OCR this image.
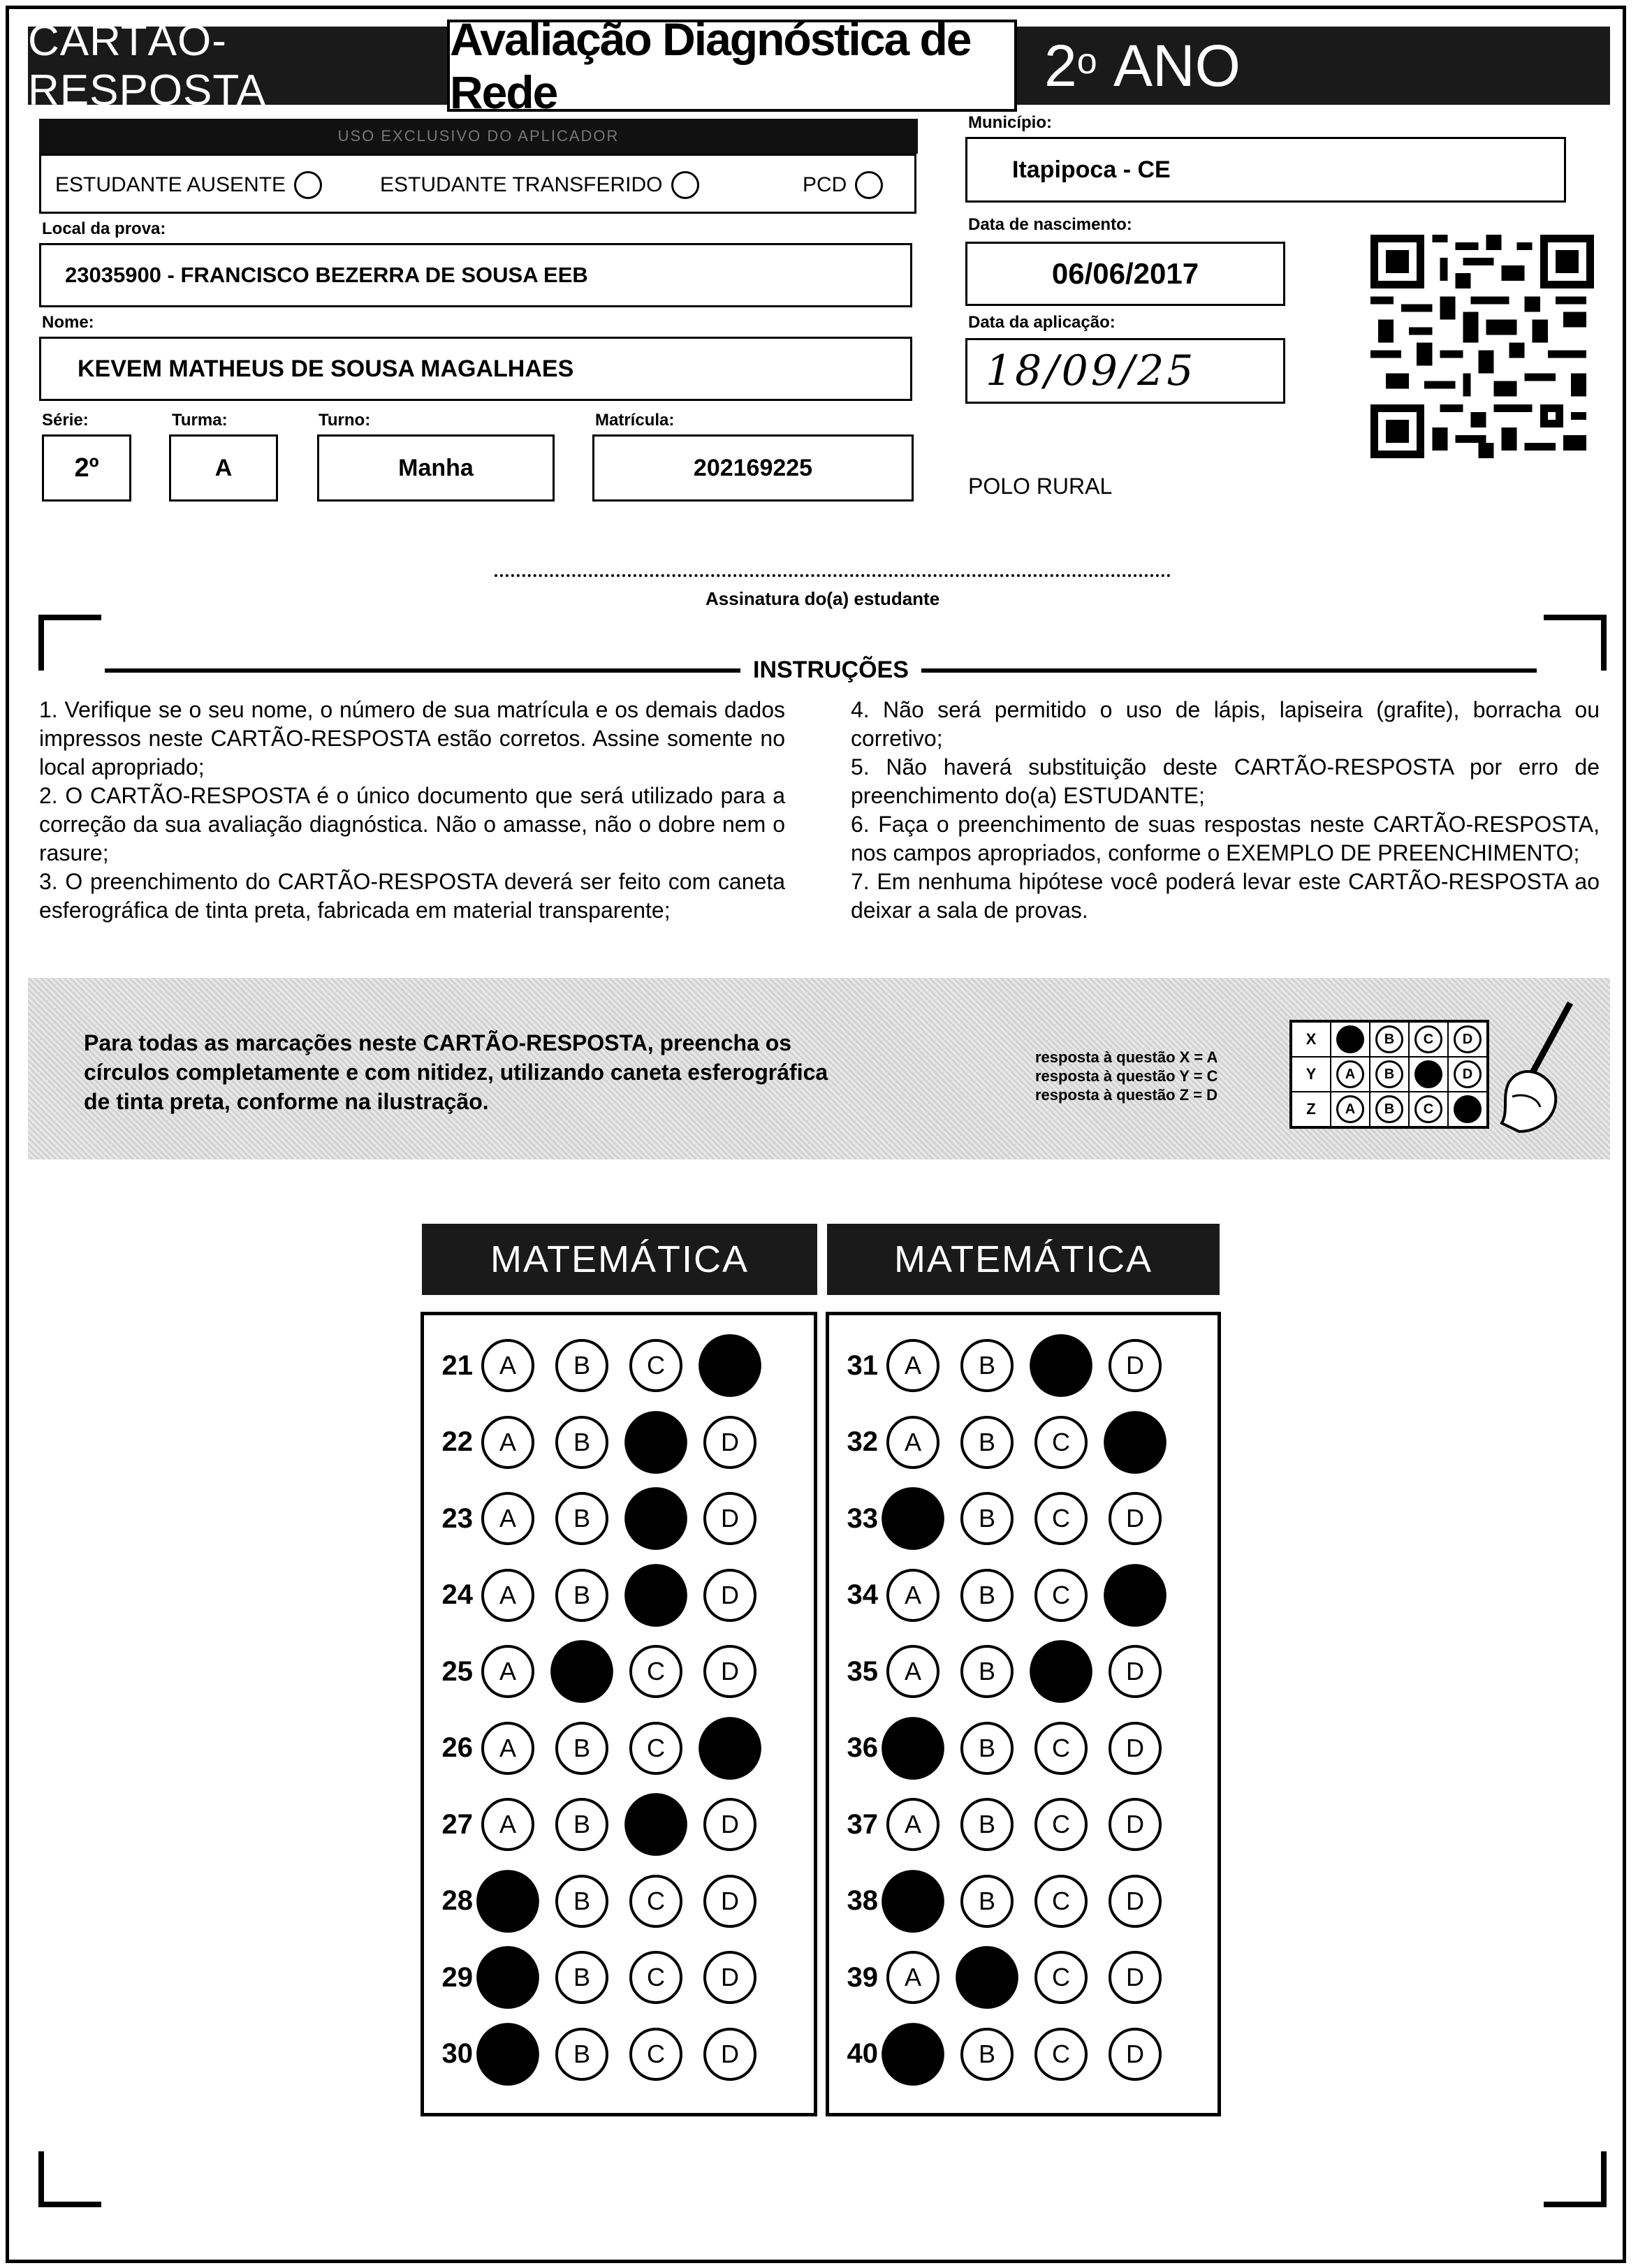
CARTÃO-RESPOSTA
Avaliação Diagnóstica de Rede	2$^o$
ANO
USO EXCLUSIVO DO APLICADOR
ESTUDANTE AUSENTE	ESTUDANTE TRANSFERIDO	PCD
Local da prova:
23035900 - FRANCISCO BEZERRA DE SOUSA EEB
Nome:
KEVEM MATHEUS DE SOUSA MAGALHAES
Série:
2º
Turma:
A
Turno:
Manha
Matrícula:
202169225
Município:
Itapipoca - CE
Data de nascimento:
06/06/2017
Data da aplicação:
18/09/25
POLO RURAL
Assinatura do(a) estudante
INSTRUÇÕES

1. Verifique se o seu nome, o número de sua matrícula e os demais dados impressos neste CARTÃO-RESPOSTA estão corretos. Assine somente no local apropriado;

2. O CARTÃO-RESPOSTA é o único documento que será utilizado para a correção da sua avaliação diagnóstica. Não o amasse, não o dobre nem o rasure;

3. O preenchimento do CARTÃO-RESPOSTA deverá ser feito com caneta esferográfica de tinta preta, fabricada em material transparente;

4. Não será permitido o uso de lápis, lapiseira (grafite), borracha ou corretivo;

5. Não haverá substituição deste CARTÃO-RESPOSTA por erro de preenchimento do(a) ESTUDANTE;

6. Faça o preenchimento de suas respostas neste CARTÃO-RESPOSTA, nos campos apropriados, conforme o EXEMPLO DE PREENCHIMENTO;

7. Em nenhuma hipótese você poderá levar este CARTÃO-RESPOSTA ao deixar a sala de provas.

Para todas as marcações neste CARTÃO-RESPOSTA, preencha os círculos completamente e com nitidez, utilizando caneta esferográfica de tinta preta, conforme na ilustração.
resposta à questão X = A
resposta à questão Y = C
resposta à questão Z = D
X	A	B	C	D
Y	A	B	C	D
Z	A	B	C	D
MATEMÁTICA	MATEMÁTICA
21	A	B	C	D
22	A	B	C	D
23	A	B	C	D
24	A	B	C	D
25	A	B	C	D
26	A	B	C	D
27	A	B	C	D
28 A	B	C	D
29 A	B	C	D
30 A	B	C	D
31	A	B	C	D
32	A	B	C	D
33 A	B	C	D
34	A	B	C	D
35	A	B	C	D
36 A	B	C	D
37	A	B	C	D
38 A	B	C	D
39	A	B	C	D
40 A	B	C	D
